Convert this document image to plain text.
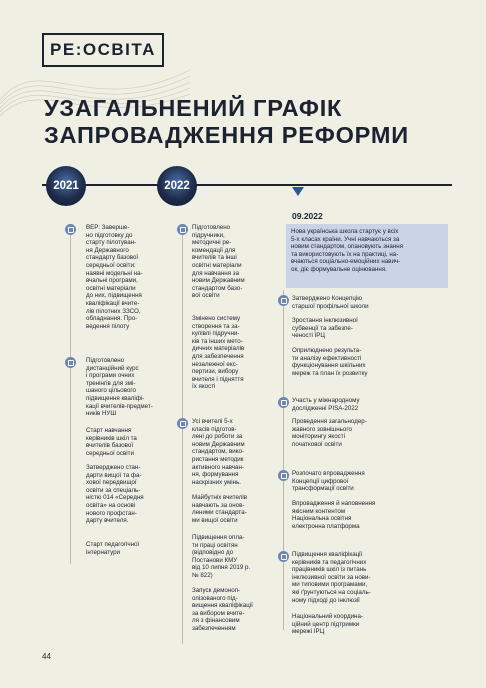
РЕ:ОСВІТА
УЗАГАЛЬНЕНИЙ ГРАФІК
ЗАПРОВАДЖЕННЯ РЕФОРМИ
2021	2022
09.2022
ВЕР: Заверше-
но підготовку до
старту пілотуван-
ня Державного
стандарту базової
середньої освіти:
наявні модельні на-
вчальні програми,
освітні матеріали
до них, підвищення
кваліфікації вчите-
лів пілотних ЗЗСО,
обладнання. Про-
ведення пілоту
Підготовлено
дистанційний курс
і програми очних
тренінгів для змі-
шаного цільового
підвищення кваліфі-
кації вчителів-предмет-
ників НУШ
Старт навчання
керівників шкіл та
вчителів базової
середньої освіти
Затверджено стан-
дарти вищої та фа-
хової передвищої
освіти за спеціаль-
ністю 014 «Середня
освіта» на основі
нового профстан-
дарту вчителя.
Старт педагогічної
інтернатури
Підготовлено
підручники,
методичні ре-
комендації для
вчителів та інші
освітні матеріали
для навчання за
новим Державним
стандартом базо-
вої освіти
Змінено систему
створення та за-
купівлі підручни-
ків та інших мето-
дичних матеріалів
для забезпечення
незалежної екс-
пертизи, вибору
вчителя і підняття
їх якості
Усі вчителі 5-х
класів підготов-
лені до роботи за
новим Державним
стандартом, вико-
ристання методик
активного навчан-
ня, формування
наскрізних умінь.
Майбутніх вчителів
навчають за онов-
леними стандарта-
ми вищої освіти
Підвищення опла-
ти праці освітян
(відповідно до
Постанови КМУ
від 10 липня 2019 р.
№ 822)
Запуск демоноп-
олізованого під-
вищення кваліфікації
за вибором вчите-
ля з фінансовим
забезпеченням
Нова українська школа стартує у всіх
5-х класах країни. Учні навчаються за
новим стандартом, опановують знання
та використовують їх на практиці, на-
вчаються соціально-емоційних навич-
ок, діє формувальне оцінювання.
Затверджено Концепцію
старшої профільної школи
Зростання інклюзивної
субвенції та забезпе-
ченості ІРЦ
Оприлюднено результа-
ти аналізу ефективності
функціонування шкільних
мереж та план їх розвитку
Участь у міжнародному
дослідженні PISA-2022
Проведення загальнодер-
жавного зовнішнього
моніторингу якості
початкової освіти
Розпочато впровадження
Концепції цифрової
трансформації освіти
Впровадження й наповнення
якісним контентом
Національна освітня
електронна платформа
Підвищення кваліфікації
керівників та педагогічних
працівників шкіл із питань
інклюзивної освіти за нови-
ми типовими програмами,
які ґрунтуються на соціаль-
ному підході до інклюзії
Національний координа-
ційний центр підтримки
мережі ІРЦ
44
